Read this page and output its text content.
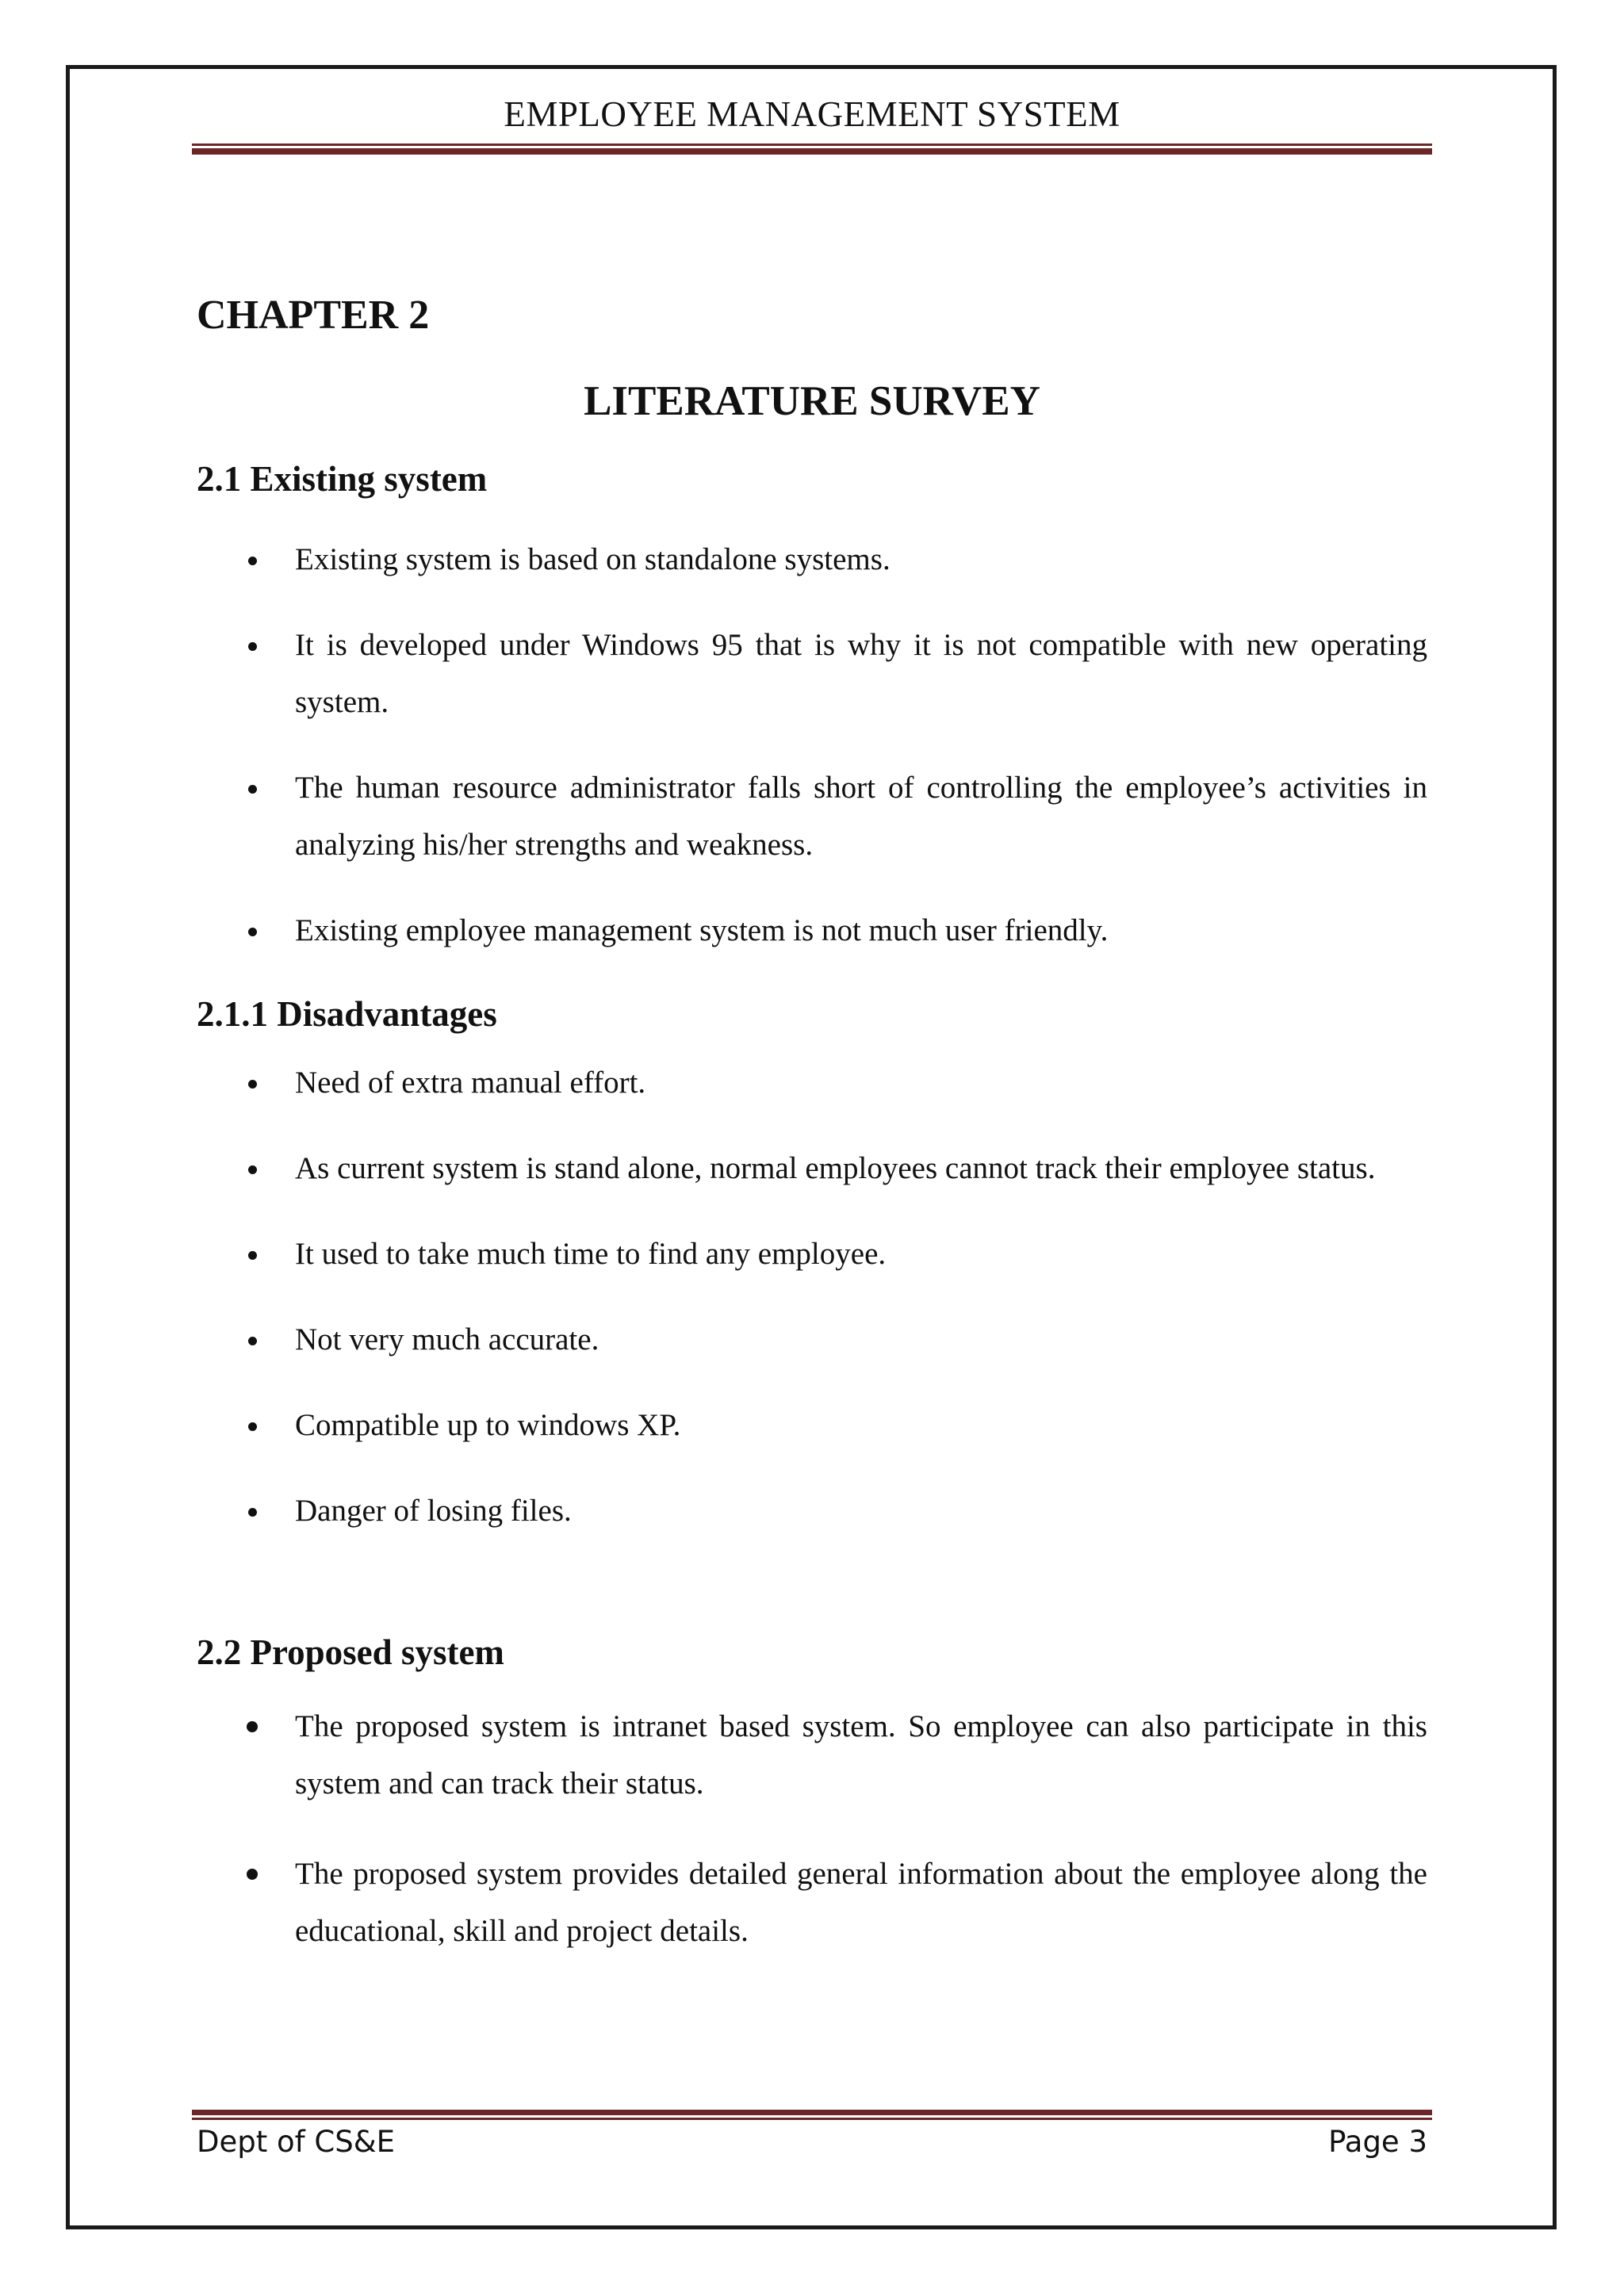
EMPLOYEE MANAGEMENT SYSTEM
CHAPTER 2
LITERATURE SURVEY
2.1 Existing system
Existing system is based on standalone systems.
It is developed under Windows 95 that is why it is not compatible with new operating system.
The human resource administrator falls short of controlling the employee’s activities in analyzing his/her strengths and weakness.
Existing employee management system is not much user friendly.
2.1.1 Disadvantages
Need of extra manual effort.
As current system is stand alone, normal employees cannot track their employee status.
It used to take much time to find any employee.
Not very much accurate.
Compatible up to windows XP.
Danger of losing files.
2.2 Proposed system
The proposed system is intranet based system. So employee can also participate in this system and can track their status.
The proposed system provides detailed general information about the employee along the educational, skill and project details.
Dept of CS&E	Page 3
